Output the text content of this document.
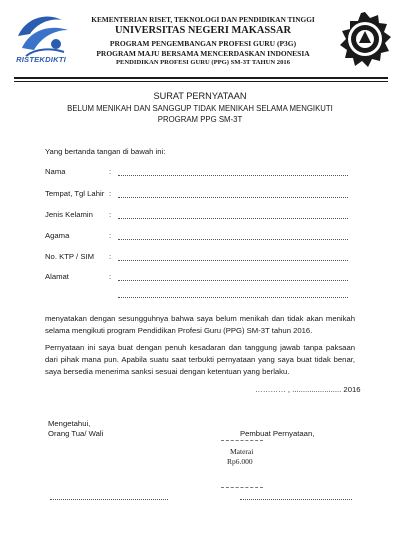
RISTEKDIKTI
KEMENTERIAN RISET, TEKNOLOGI DAN PENDIDIKAN TINGGI
UNIVERSITAS NEGERI MAKASSAR
PROGRAM PENGEMBANGAN PROFESI GURU (P3G)
PROGRAM MAJU BERSAMA MENCERDASKAN INDONESIA
PENDIDIKAN PROFESI GURU (PPG) SM-3T TAHUN 2016
SURAT PERNYATAAN
BELUM MENIKAH DAN SANGGUP TIDAK MENIKAH SELAMA MENGIKUTI
PROGRAM PPG SM-3T
Yang bertanda tangan di bawah ini:
Nama	:
Tempat, Tgl Lahir :
Jenis Kelamin :
Agama	:
No. KTP / SIM :
Alamat	:
menyatakan dengan sesungguhnya bahwa saya belum menikah dan tidak akan menikah selama mengikuti program Pendidikan Profesi Guru (PPG) SM-3T tahun 2016.
Pernyataan ini saya buat dengan penuh kesadaran dan tanggung jawab tanpa paksaan dari pihak mana pun. Apabila suatu saat terbukti pernyataan yang saya buat tidak benar, saya bersedia menerima sanksi sesuai dengan ketentuan yang berlaku.
………… , ....................... 2016
Mengetahui,
Orang Tua/ Wali	Pembuat Pernyataan,
Materai
Rp6.000
